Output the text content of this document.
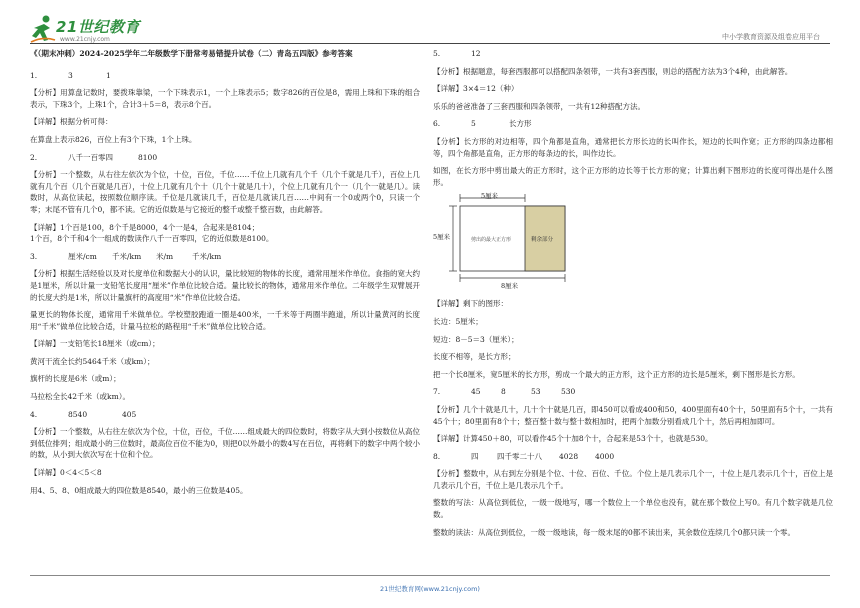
21世纪教育
www.21cnjy.com	中小学教育资源及组卷应用平台

《（期末冲刺）2024-2025学年二年级数学下册常考易错提升试卷（二）青岛五四版》参考答案

1.	3	1

【分析】用算盘记数时，要拨珠靠梁，一个下珠表示1，一个上珠表示5；数字826的百位是8，需用上珠和下珠的组合表示，下珠3个，上珠1个，合计3＋5＝8，表示8个百。

【详解】根据分析可得：

在算盘上表示826，百位上有3个下珠，1个上珠。

2.	八千一百零四	8100

【分析】一个整数，从右往左依次为个位，十位，百位，千位……千位上几就有几个千（几个千就是几千），百位上几就有几个百（几个百就是几百），十位上几就有几个十（几个十就是几十），个位上几就有几个一（几个一就是几）。读数时，从高位读起，按照数位顺序读。千位是几就读几千，百位是几就读几百……中间有一个0或两个0，只读一个零；末尾不管有几个0，都不读。它的近似数是与它接近的整千或整千整百数，由此解答。

【详解】1个百是100，8个千是8000，4个一是4，合起来是8104；

1个百，8个千和4个一组成的数读作八千一百零四，它的近似数是8100。

3.	厘米/cm 千米/km 米/m	千米/km

【分析】根据生活经验以及对长度单位和数据大小的认识，量比较短的物体的长度，通常用厘米作单位。食指的宽大约是1厘米，所以计量一支铅笔长度用“厘米”作单位比较合适。量比较长的物体，通常用米作单位。二年级学生双臂展开的长度大约是1米，所以计量旗杆的高度用“米”作单位比较合适。

量更长的物体长度，通常用千米做单位。学校塑胶跑道一圈是400米，一千米等于两圈半跑道，所以计量黄河的长度用“千米”做单位比较合适，计量马拉松的路程用“千米”做单位比较合适。

【详解】一支铅笔长18厘米（或cm）；

黄河干流全长约5464千米（或km）；

旗杆的长度是6米（或m）；

马拉松全长42千米（或km）。

4.	8540	405

【分析】一个整数，从右往左依次为个位，十位，百位，千位……组成最大的四位数时，将数字从大到小按数位从高位到低位排列；组成最小的三位数时，最高位百位不能为0，则把0以外最小的数4写在百位，再将剩下的数字中两个较小的数，从小到大依次写在十位和个位。

【详解】0＜4＜5＜8

用4、5、8、0组成最大的四位数是8540，最小的三位数是405。

5.	12

【分析】根据题意，每套西服都可以搭配四条领带，一共有3套西服，则总的搭配方法为3个4种，由此解答。

【详解】3×4＝12（种）

乐乐的爸爸准备了三套西服和四条领带，一共有12种搭配方法。

6.	5	长方形

【分析】长方形的对边相等，四个角都是直角，通常把长方形长边的长叫作长，短边的长叫作宽；正方形的四条边都相等，四个角都是直角，正方形的每条边的长，叫作边长。

如图，在长方形中剪出最大的正方形时，这个正方形的边长等于长方形的宽；计算出剩下图形边的长度可得出是什么图形。

5厘米
5厘米	剪出的最大正方形	剩余部分
8厘米

【详解】剩下的图形：

长边：5厘米；

短边：8－5＝3（厘米）；

长度不相等，是长方形；

把一个长8厘米，宽5厘米的长方形，剪成一个最大的正方形，这个正方形的边长是5厘米，剩下图形是长方形。

7.	45	8	53	530

【分析】几个十就是几十，几十个十就是几百，即450可以看成400和50，400里面有40个十，50里面有5个十，一共有45个十；80里面有8个十；整百整十数与整十数相加时，把两个加数分别看成几个十，然后再相加即可。

【详解】计算450＋80，可以看作45个十加8个十，合起来是53个十，也就是530。

8.	四 四千零二十八 4028 4000

【分析】整数中，从右到左分别是个位、十位、百位、千位。个位上是几表示几个一，十位上是几表示几个十，百位上是几表示几个百，千位上是几表示几个千。

整数的写法：从高位到低位，一级一级地写，哪一个数位上一个单位也没有，就在那个数位上写0。有几个数字就是几位数。

整数的读法：从高位到低位，一级一级地读，每一级末尾的0都不读出来，其余数位连续几个0都只读一个零。

21世纪教育网(www.21cnjy.com)
